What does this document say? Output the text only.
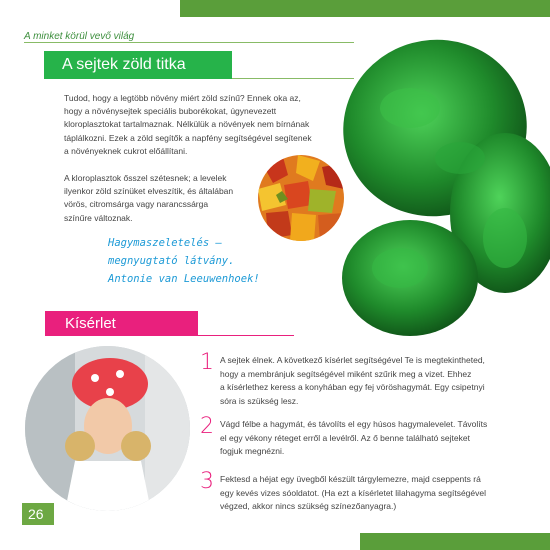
A minket körül vevő világ
A sejtek zöld titka
Tudod, hogy a legtöbb növény miért zöld színű? Ennek oka az,
hogy a növénysejtek speciális buborékokat, úgynevezett
kloroplasztokat tartalmaznak. Nélkülük a növények nem bírnának
táplálkozni. Ezek a zöld segítők a napfény segítségével segítenek
a növényeknek cukrot előállítani.
A kloroplasztok ősszel szétesnek; a levelek
ilyenkor zöld színüket elveszítik, és általában
vörös, citromsárga vagy narancssárga
színűre változnak.
Hagymaszeletelés –
megnyugtató látvány.
Antonie van Leeuwenhoek!
Kísérlet
1 A sejtek élnek. A következő kísérlet segítségével Te is megtekintheted,
hogy a membránjuk segítségével miként szűrik meg a vizet. Ehhez
a kísérlethez keress a konyhában egy fej vöröshagymát. Egy csipetnyi
sóra is szükség lesz.
2 Vágd félbe a hagymát, és távolíts el egy húsos hagymalevelet. Távolíts
el egy vékony réteget erről a levélről. Az ő benne található sejteket
fogjuk megnézni.
3 Fektesd a héjat egy üvegből készült tárgylemezre, majd cseppents rá
egy kevés vizes sóoldatot. (Ha ezt a kísérletet lilahagyma segítségével
végzed, akkor nincs szükség színezőanyagra.)
26
